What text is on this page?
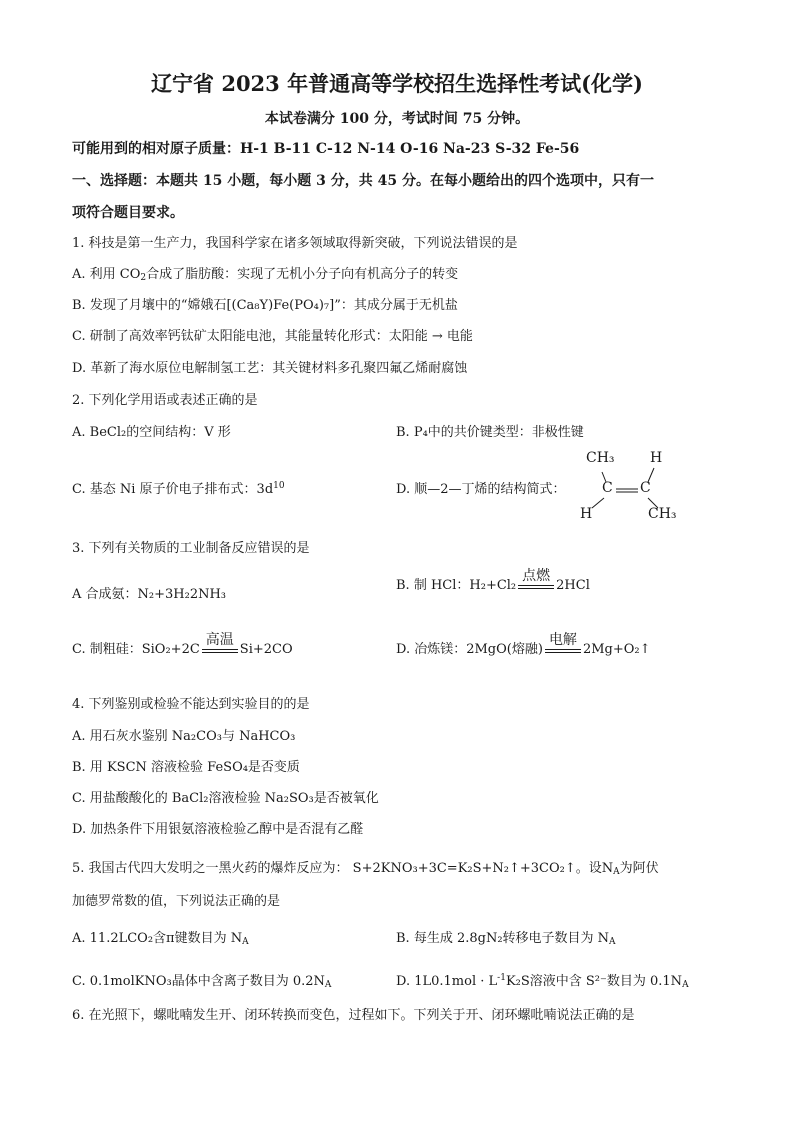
辽宁省 2023 年普通高等学校招生选择性考试(化学)
本试卷满分 100 分，考试时间 75 分钟。
可能用到的相对原子质量：H-1 B-11 C-12 N-14 O-16 Na-23 S-32 Fe-56
一、选择题：本题共 15 小题，每小题 3 分，共 45 分。在每小题给出的四个选项中，只有一
项符合题目要求。
1. 科技是第一生产力，我国科学家在诸多领域取得新突破，下列说法错误的是
A. 利用 $CO_2$合成了脂肪酸：实现了无机小分子向有机高分子的转变
B. 发现了月壤中的“嫦娥石[(Ca₈Y)Fe(PO₄)₇]”：其成分属于无机盐
C. 研制了高效率钙钛矿太阳能电池，其能量转化形式：太阳能 → 电能
D. 革新了海水原位电解制氢工艺：其关键材料多孔聚四氟乙烯耐腐蚀
2. 下列化学用语或表述正确的是
A. BeCl₂的空间结构：V 形	B. P₄中的共价键类型：非极性键
C. 基态 Ni 原子价电子排布式：$3d^{10}$	D. 顺—2—丁烯的结构简式：
CH₃	H
C C
H	CH₃
3. 下列有关物质的工业制备反应错误的是
A 合成氨：N₂+3H₂2NH₃
B. 制 HCl：H₂+Cl₂
点燃
2HCl
C. 制粗硅：SiO₂+2C
高温
Si+2CO	D. 冶炼镁：2MgO(熔融)
电解
2Mg+O₂↑
4. 下列鉴别或检验不能达到实验目的的是
A. 用石灰水鉴别 Na₂CO₃与 NaHCO₃
B. 用 KSCN 溶液检验 FeSO₄是否变质
C. 用盐酸酸化的 BaCl₂溶液检验 Na₂SO₃是否被氧化
D. 加热条件下用银氨溶液检验乙醇中是否混有乙醛
5. 我国古代四大发明之一黑火药的爆炸反应为： S+2KNO₃+3C=K₂S+N₂↑+3CO₂↑。设$N_A$为阿伏
加德罗常数的值，下列说法正确的是
A. 11.2LCO₂含π键数目为 $N_A$	B. 每生成 2.8gN₂转移电子数目为 $N_A$
C. 0.1molKNO₃晶体中含离子数目为 $0.2N_A$	D. $1L0.1mol \cdot L^{-1}K_2S$溶液中含 S²⁻数目为 $0.1N_A$
6. 在光照下，螺吡喃发生开、闭环转换而变色，过程如下。下列关于开、闭环螺吡喃说法正确的是
